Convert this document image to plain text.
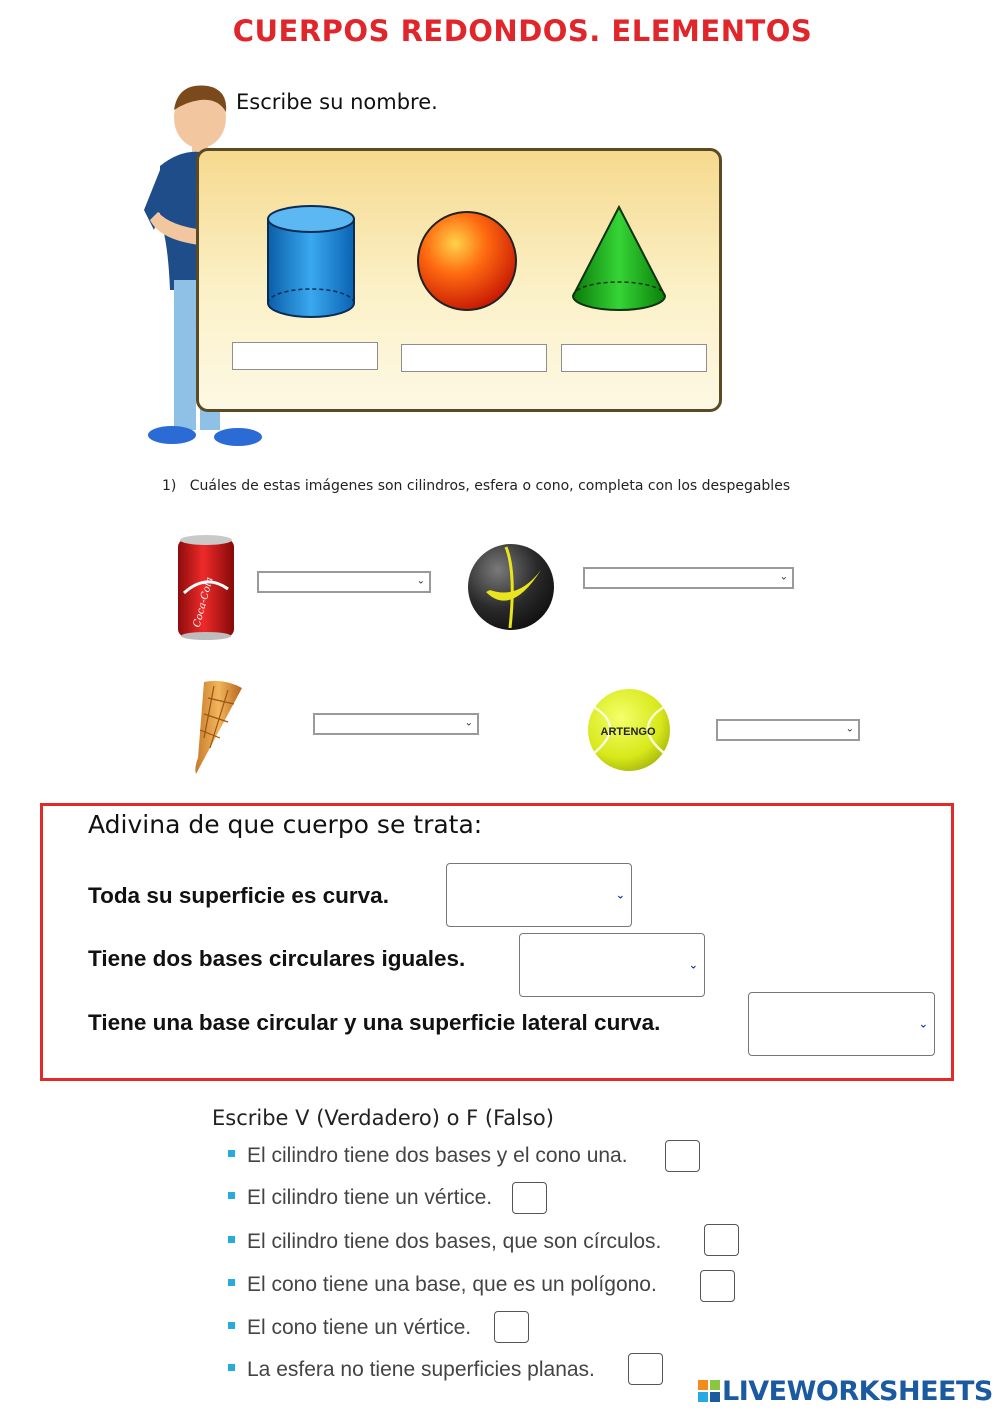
CUERPOS REDONDOS. ELEMENTOS
Escribe su nombre.
1)   Cuáles de estas imágenes son cilindros, esfera o cono, completa con los despegables
Coca-Cola	⌄	⌄
⌄
ARTENGO	⌄
Adivina de que cuerpo se trata:
Toda su superficie es curva.	⌄
Tiene dos bases circulares iguales.	⌄
Tiene una base circular y una superficie lateral curva.	⌄
Escribe V (Verdadero) o F (Falso)
El cilindro tiene dos bases y el cono una.
El cilindro tiene un vértice.
El cilindro tiene dos bases, que son círculos.
El cono tiene una base, que es un polígono.
El cono tiene un vértice.
La esfera no tiene superficies planas.
LIVEWORKSHEETS
